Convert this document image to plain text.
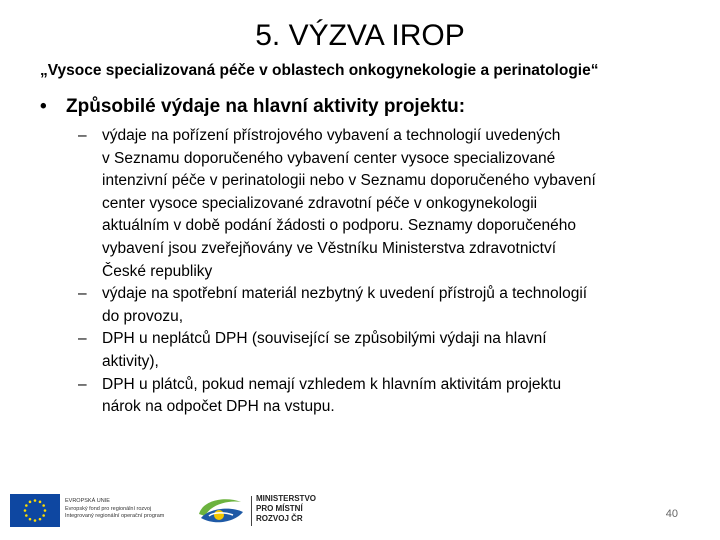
5. VÝZVA IROP
„Vysoce specializovaná péče v oblastech onkogynekologie a perinatologie“
•	Způsobilé výdaje na hlavní aktivity projektu:
– výdaje na pořízení přístrojového vybavení a technologií uvedených
v Seznamu doporučeného vybavení center vysoce specializované
intenzivní péče v perinatologii nebo v Seznamu doporučeného vybavení
center vysoce specializované zdravotní péče v onkogynekologii
aktuálním v době podání žádosti o podporu. Seznamy doporučeného
vybavení jsou zveřejňovány ve Věstníku Ministerstva zdravotnictví
České republiky
– výdaje na spotřební materiál nezbytný k uvedení přístrojů a technologií
do provozu,
– DPH u neplátců DPH (související se způsobilými výdaji na hlavní
aktivity),
– DPH u plátců, pokud nemají vzhledem k hlavním aktivitám projektu
nárok na odpočet DPH na vstupu.
EVROPSKÁ UNIE
Evropský fond pro regionální rozvoj
Integrovaný regionální operační program
MINISTERSTVO
PRO MÍSTNÍ
ROZVOJ ČR	40
